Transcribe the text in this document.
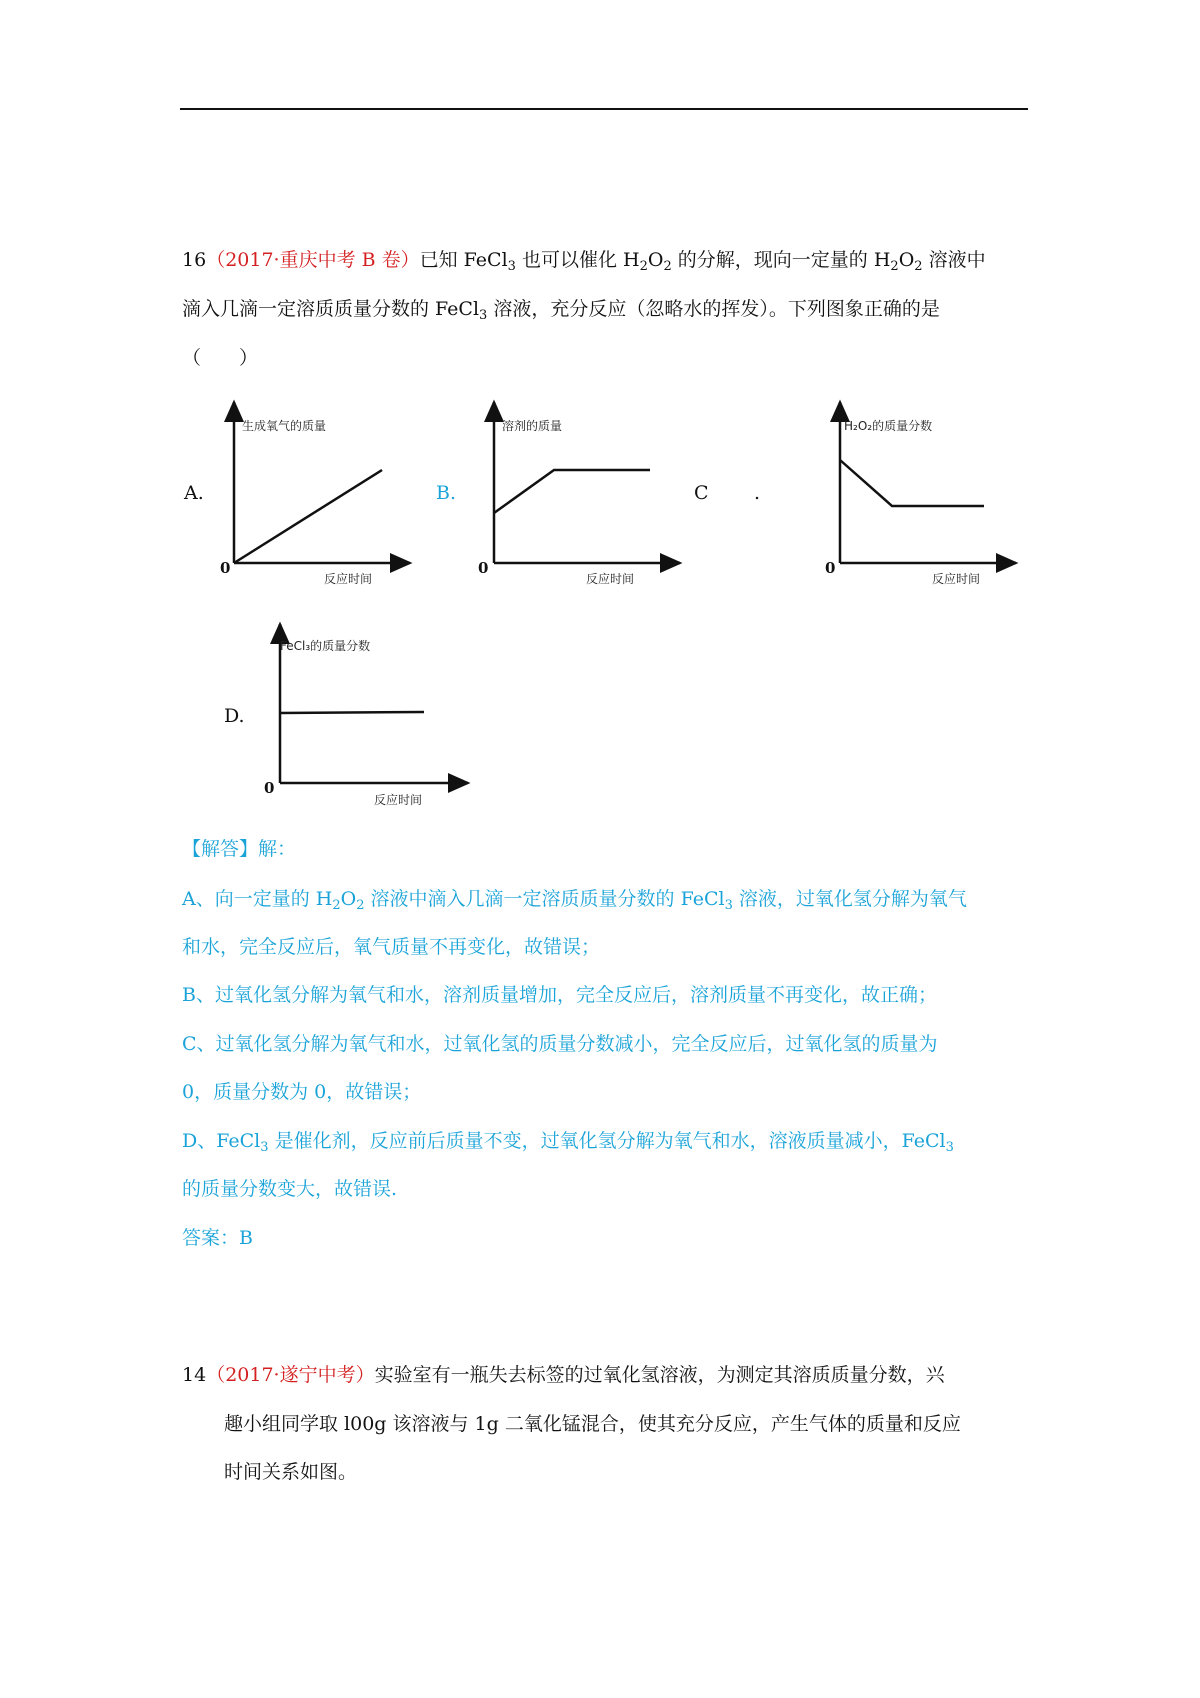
16（2017·重庆中考 B 卷）已知 FeCl$_3$ 也可以催化 $H_2O_2$ 的分解，现向一定量的 $H_2O_2$ 溶液中
滴入几滴一定溶质质量分数的 FeCl$_3$ 溶液，充分反应（忽略水的挥发）。下列图象正确的是
（　　）
A.	B.	C .
D.
生成氧气的质量
反应时间
0
溶剂的质量
反应时间
0
H₂O₂的质量分数
反应时间
0
FeCl₃的质量分数
反应时间
0
【解答】解：
A、向一定量的 $H_2O_2$ 溶液中滴入几滴一定溶质质量分数的 FeCl$_3$ 溶液，过氧化氢分解为氧气
和水，完全反应后，氧气质量不再变化，故错误；
B、过氧化氢分解为氧气和水，溶剂质量增加，完全反应后，溶剂质量不再变化，故正确；
C、过氧化氢分解为氧气和水，过氧化氢的质量分数减小，完全反应后，过氧化氢的质量为
0，质量分数为 0，故错误；
D、FeCl$_3$ 是催化剂，反应前后质量不变，过氧化氢分解为氧气和水，溶液质量减小，FeCl$_3$
的质量分数变大，故错误.
答案：B
14（2017·遂宁中考）实验室有一瓶失去标签的过氧化氢溶液，为测定其溶质质量分数，兴
趣小组同学取 l00g 该溶液与 1g 二氧化锰混合，使其充分反应，产生气体的质量和反应
时间关系如图。
